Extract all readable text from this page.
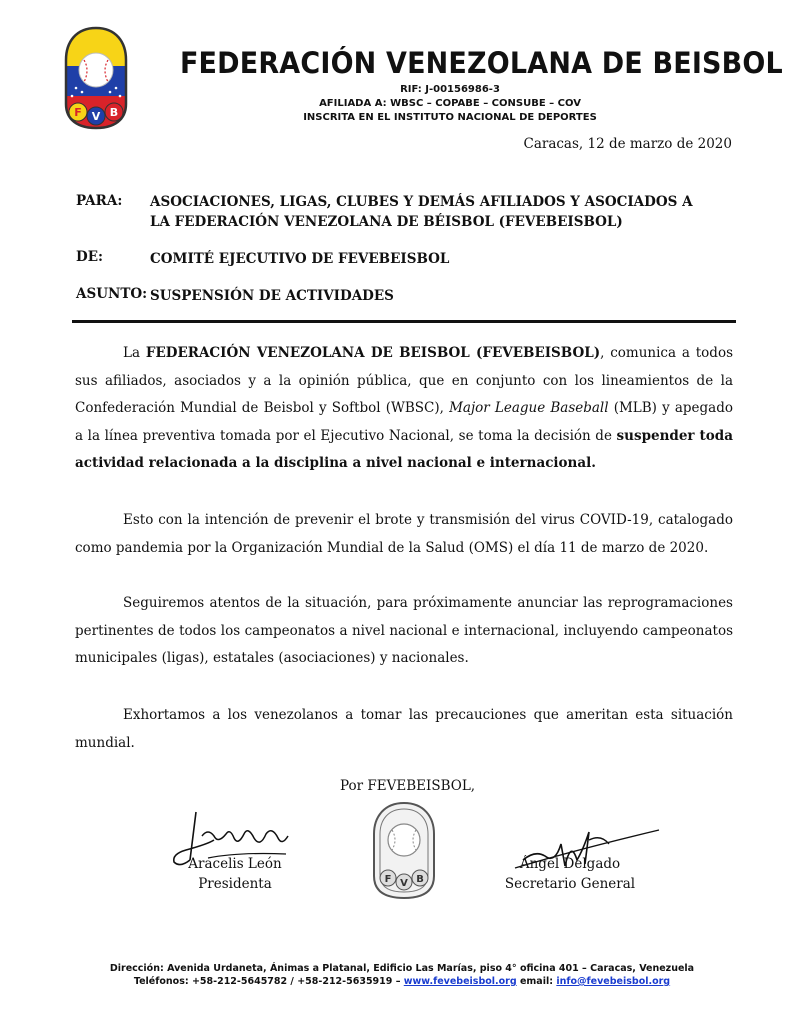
F V B
FEDERACIÓN VENEZOLANA DE BEISBOL
RIF: J-00156986-3
AFILIADA A: WBSC – COPABE – CONSUBE – COV
INSCRITA EN EL INSTITUTO NACIONAL DE DEPORTES
Caracas, 12 de marzo de 2020
PARA: ASOCIACIONES, LIGAS, CLUBES Y DEMÁS AFILIADOS Y ASOCIADOS A LA FEDERACIÓN VENEZOLANA DE BÉISBOL (FEVEBEISBOL)
DE:	COMITÉ EJECUTIVO DE FEVEBEISBOL
ASUNTO: SUSPENSIÓN DE ACTIVIDADES

La FEDERACIÓN VENEZOLANA DE BEISBOL (FEVEBEISBOL), comunica a todos sus afiliados, asociados y a la opinión pública, que en conjunto con los lineamientos de la Confederación Mundial de Beisbol y Softbol (WBSC), Major League Baseball (MLB) y apegado a la línea preventiva tomada por el Ejecutivo Nacional, se toma la decisión de suspender toda actividad relacionada a la disciplina a nivel nacional e internacional.

Esto con la intención de prevenir el brote y transmisión del virus COVID-19, catalogado como pandemia por la Organización Mundial de la Salud (OMS) el día 11 de marzo de 2020.

Seguiremos atentos de la situación, para próximamente anunciar las reprogramaciones pertinentes de todos los campeonatos a nivel nacional e internacional, incluyendo campeonatos municipales (ligas), estatales (asociaciones) y nacionales.

Exhortamos a los venezolanos a tomar las precauciones que ameritan esta situación mundial.

Por FEVEBEISBOL,
F V B
Aracelis León
Presidenta
Ángel Delgado
Secretario General
Dirección: Avenida Urdaneta, Ánimas a Platanal, Edificio Las Marías, piso 4° oficina 401 – Caracas, Venezuela
Teléfonos: +58-212-5645782 / +58-212-5635919 – www.fevebeisbol.org email: info@fevebeisbol.org
